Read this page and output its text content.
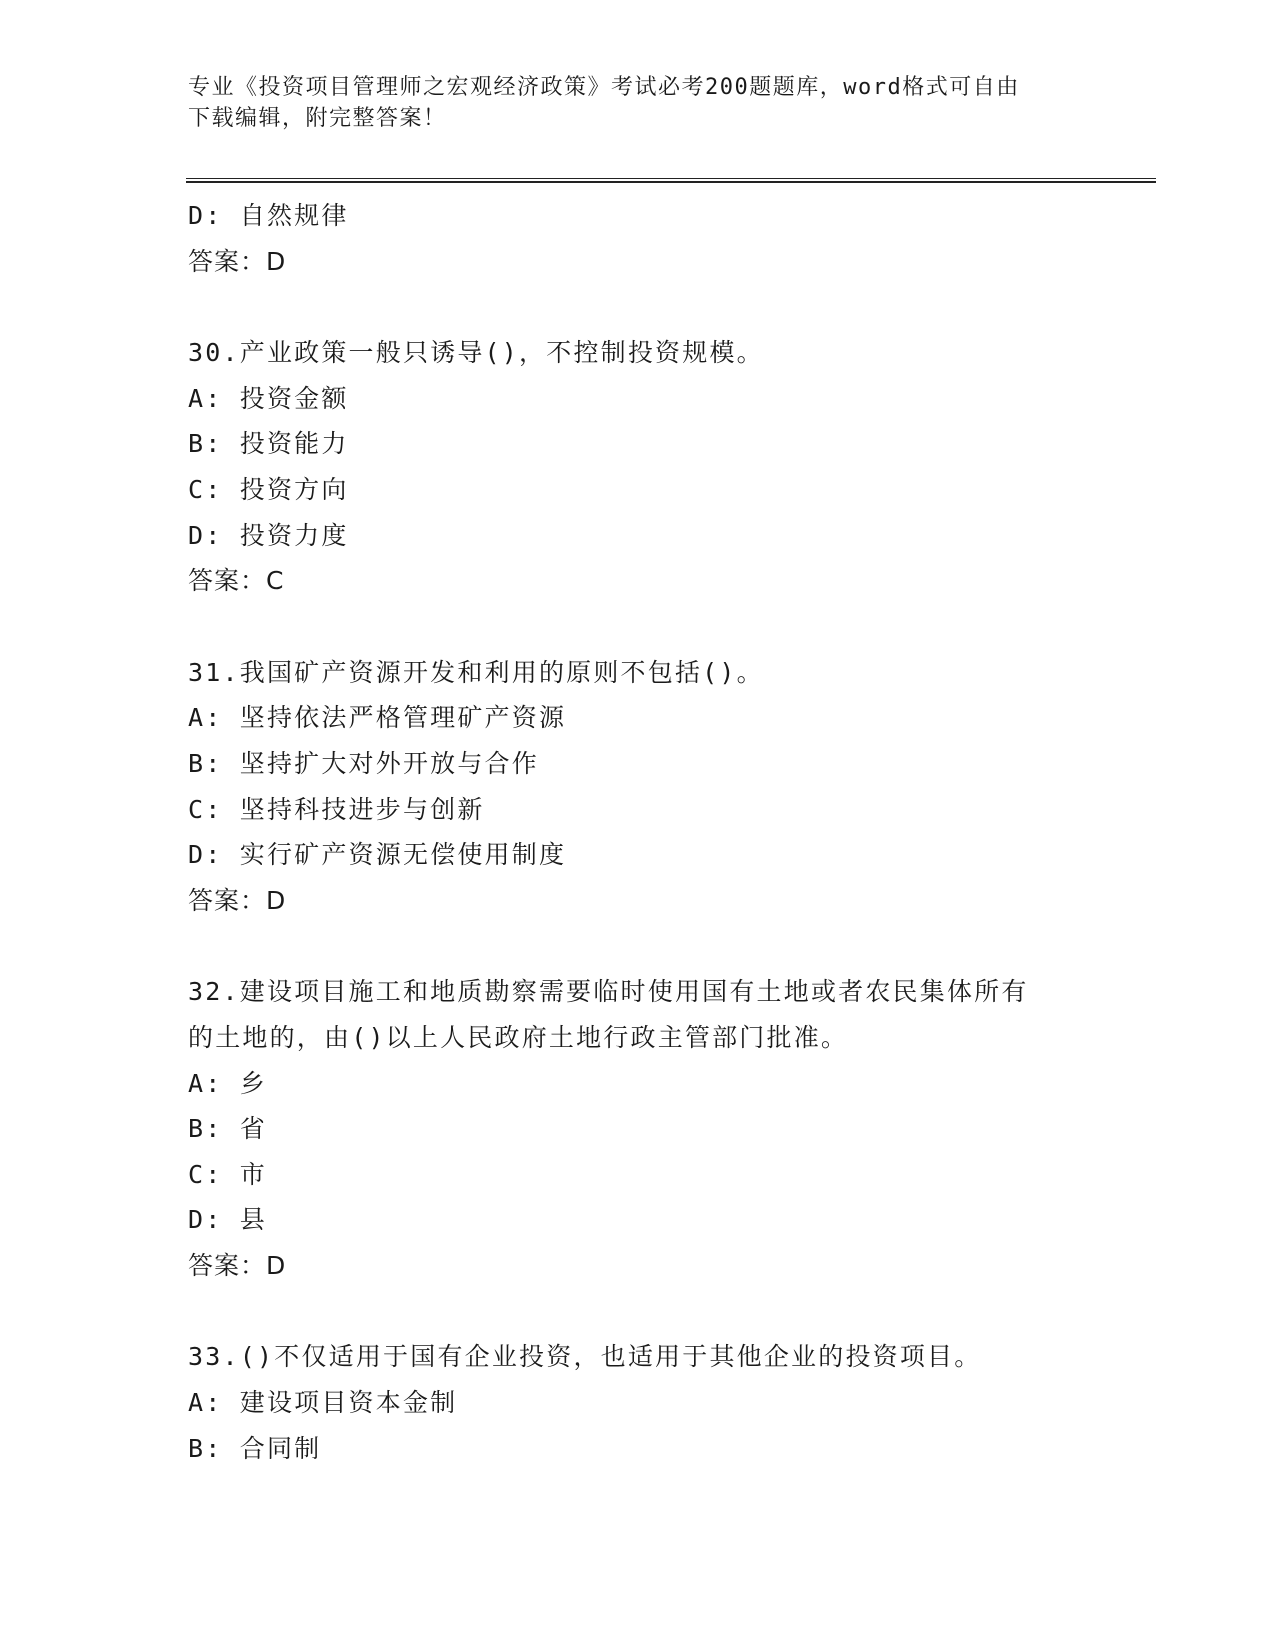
专业《投资项目管理师之宏观经济政策》考试必考200题题库，word格式可自由
下载编辑，附完整答案！
D: 自然规律
答案：D
30.产业政策一般只诱导()，不控制投资规模。
A: 投资金额
B: 投资能力
C: 投资方向
D: 投资力度
答案：C
31.我国矿产资源开发和利用的原则不包括()。
A: 坚持依法严格管理矿产资源
B: 坚持扩大对外开放与合作
C: 坚持科技进步与创新
D: 实行矿产资源无偿使用制度
答案：D
32.建设项目施工和地质勘察需要临时使用国有土地或者农民集体所有
的土地的，由()以上人民政府土地行政主管部门批准。
A: 乡
B: 省
C: 市
D: 县
答案：D
33.()不仅适用于国有企业投资，也适用于其他企业的投资项目。
A: 建设项目资本金制
B: 合同制
